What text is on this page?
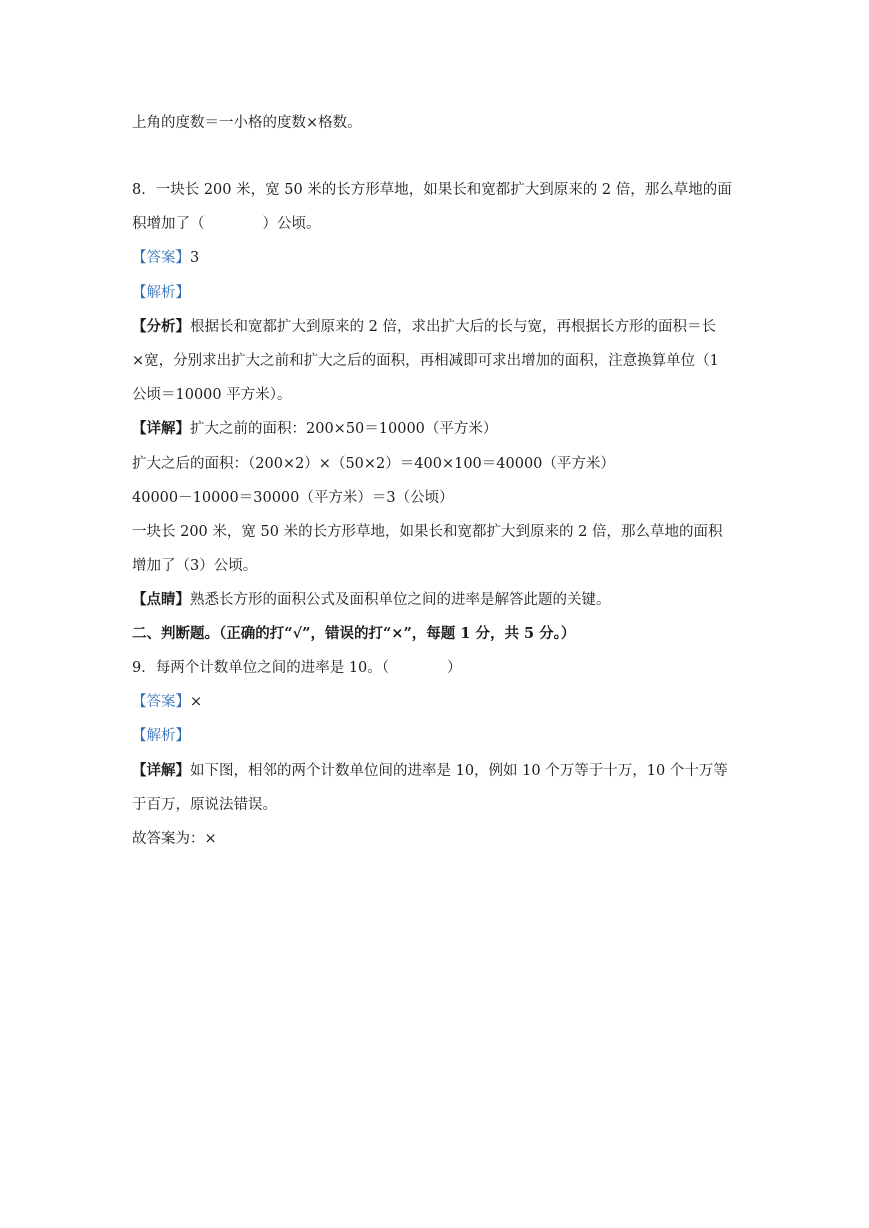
上角的度数＝一小格的度数×格数。
8．一块长 200 米，宽 50 米的长方形草地，如果长和宽都扩大到原来的 2 倍，那么草地的面
积增加了（　　　　）公顷。
【答案】3
【解析】
【分析】根据长和宽都扩大到原来的 2 倍，求出扩大后的长与宽，再根据长方形的面积＝长
×宽，分别求出扩大之前和扩大之后的面积，再相减即可求出增加的面积，注意换算单位（1
公顷＝10000 平方米）。
【详解】扩大之前的面积：200×50＝10000（平方米）
扩大之后的面积：（200×2）×（50×2）＝400×100＝40000（平方米）
40000－10000＝30000（平方米）＝3（公顷）
一块长 200 米，宽 50 米的长方形草地，如果长和宽都扩大到原来的 2 倍，那么草地的面积
增加了（3）公顷。
【点睛】熟悉长方形的面积公式及面积单位之间的进率是解答此题的关键。
二、判断题。（正确的打“√”，错误的打“×”，每题 1 分，共 5 分。）
9．每两个计数单位之间的进率是 10。（　　　　）
【答案】×
【解析】
【详解】如下图，相邻的两个计数单位间的进率是 10，例如 10 个万等于十万，10 个十万等
于百万，原说法错误。
故答案为：×
